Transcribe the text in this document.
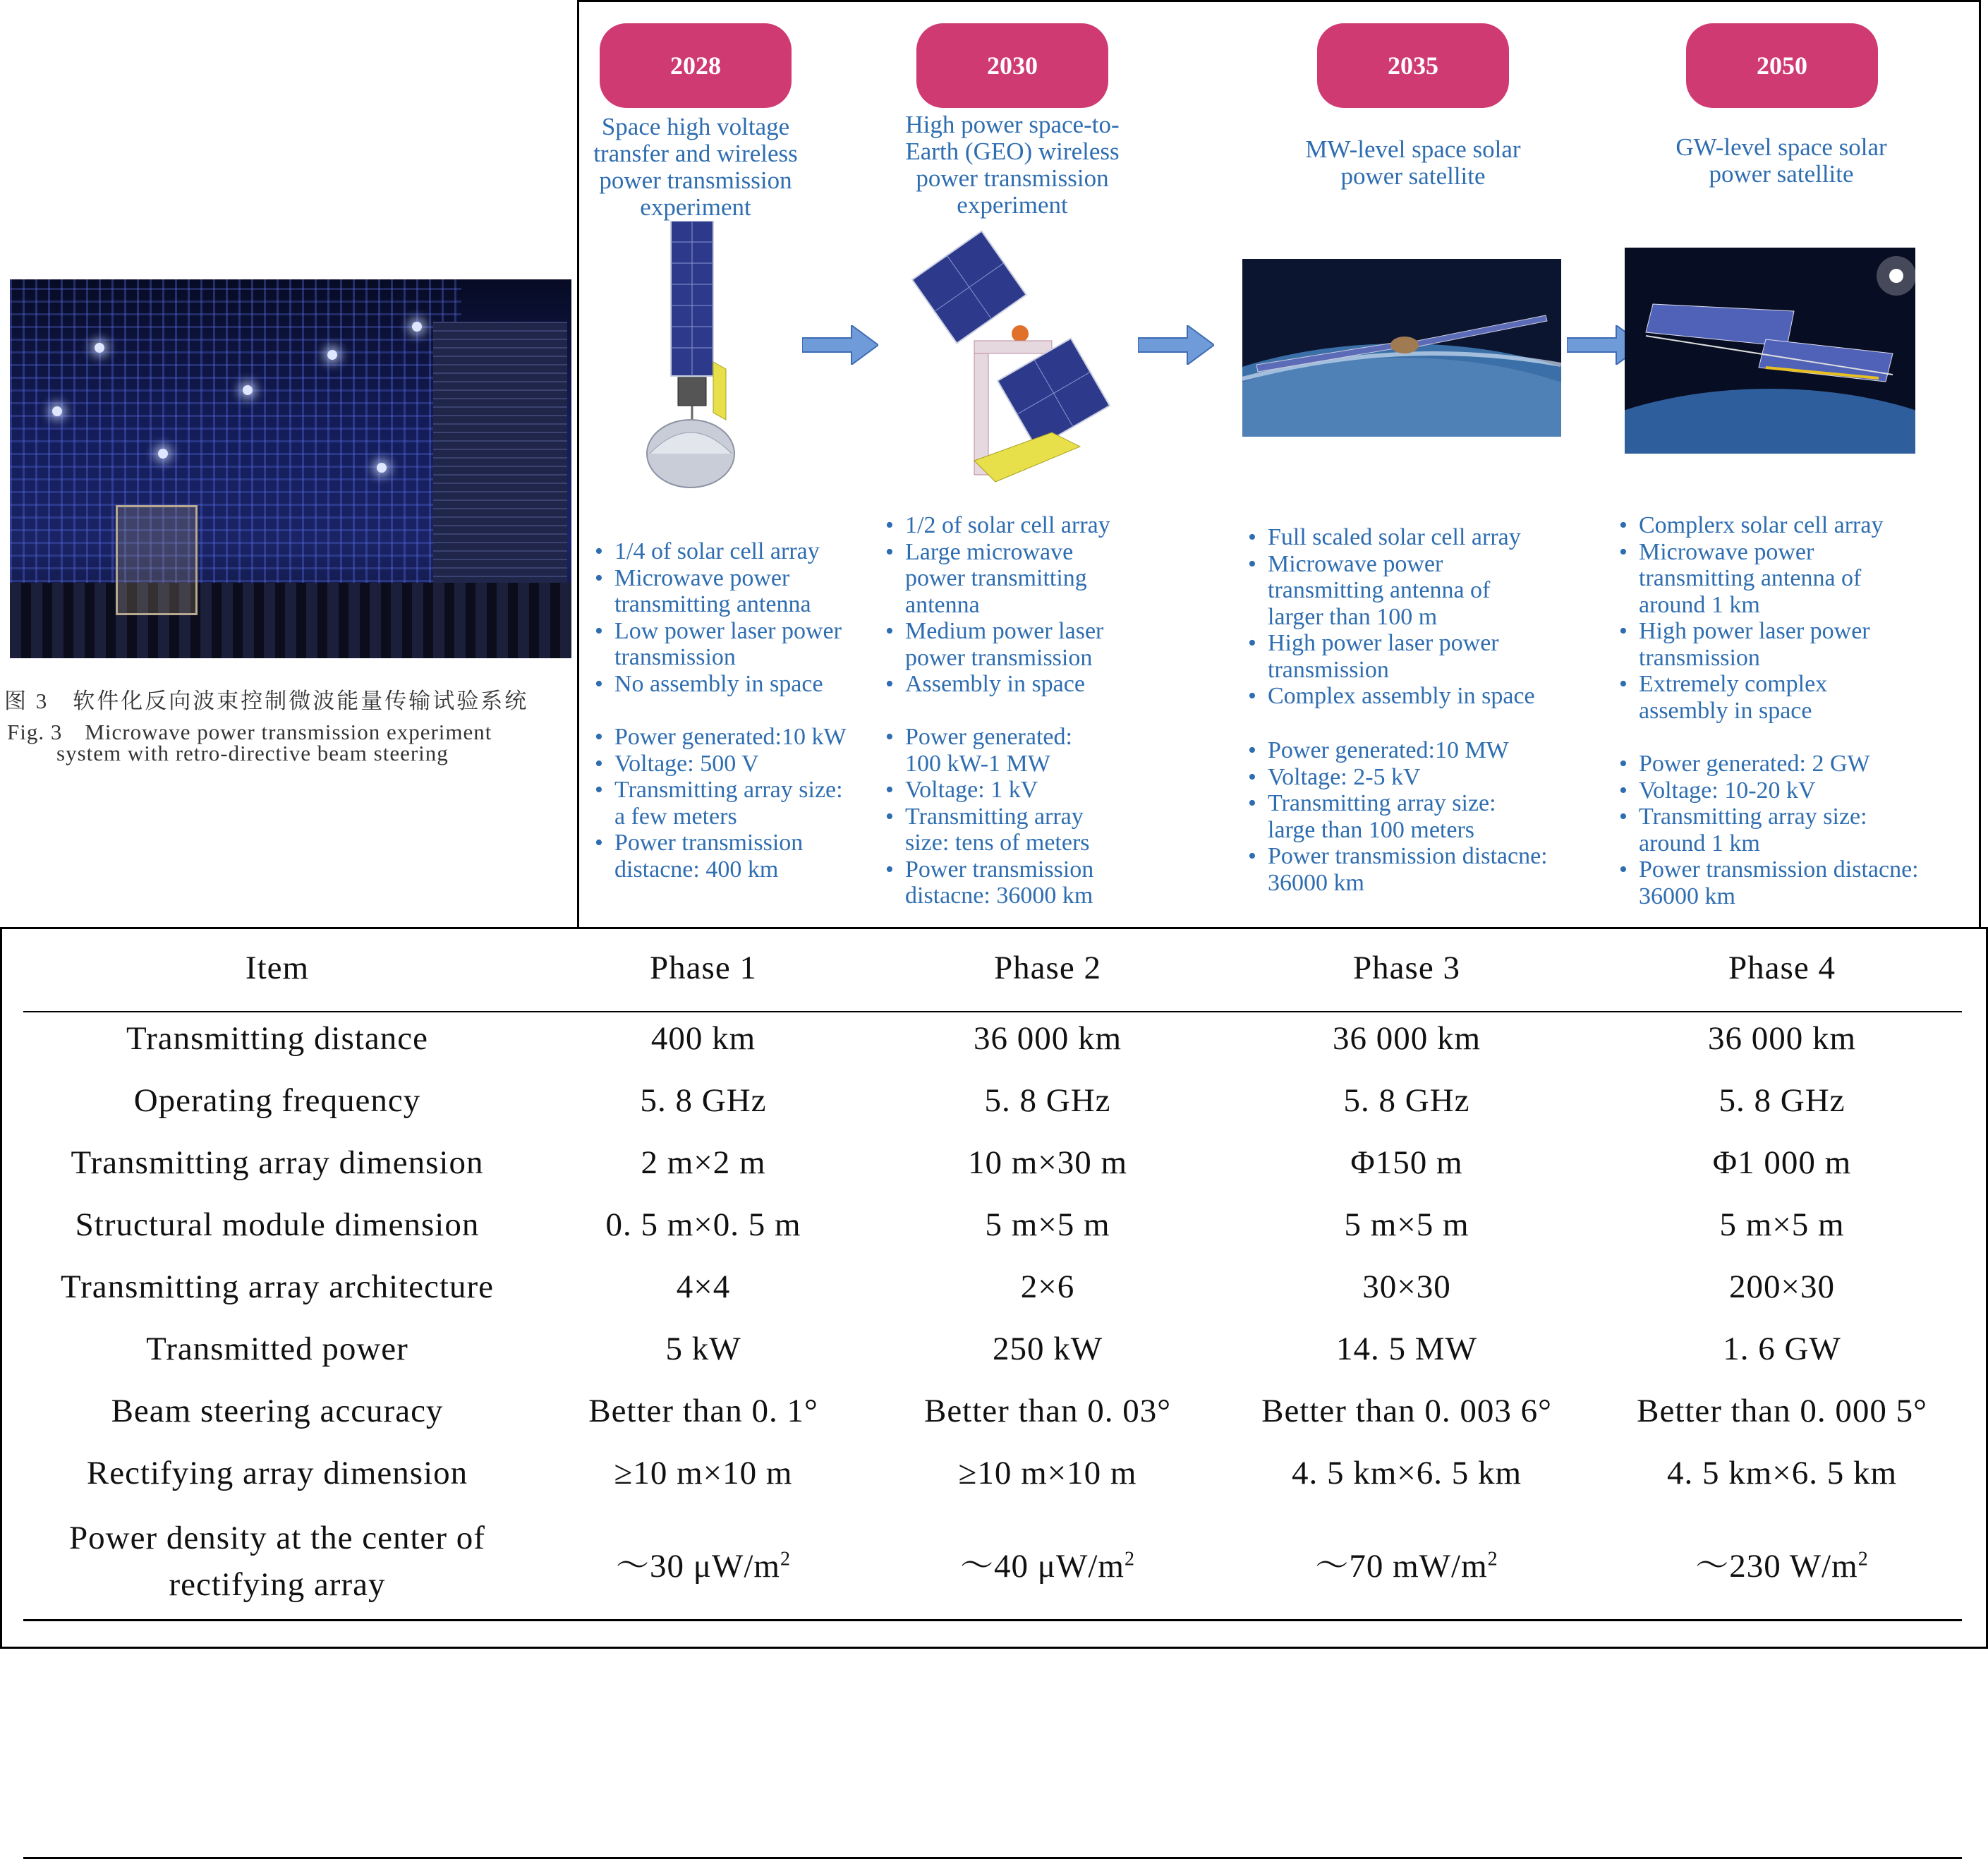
图 3　软件化反向波束控制微波能量传输试验系统
Fig. 3　Microwave power transmission experiment
system with retro-directive beam steering
2028	2030	2035	2050
Space high voltage
transfer and wireless
power transmission
experiment
High power space-to-
Earth (GEO) wireless
power transmission
experiment
MW-level space solar
power satellite
GW-level space solar
power satellite
• 1/4 of solar cell array
• Microwave power
transmitting antenna
• Low power laser power
transmission
• No assembly in space
• Power generated:10 kW
• Voltage: 500 V
• Transmitting array size:
a few meters
• Power transmission
distacne: 400 km
• 1/2 of solar cell array
• Large microwave
power transmitting
antenna
• Medium power laser
power transmission
• Assembly in space
• Power generated:
100 kW-1 MW
• Voltage: 1 kV
• Transmitting array
size: tens of meters
• Power transmission
distacne: 36000 km
• Full scaled solar cell array
• Microwave power
transmitting antenna of
larger than 100 m
• High power laser power
transmission
• Complex assembly in space
• Power generated:10 MW
• Voltage: 2-5 kV
• Transmitting array size:
large than 100 meters
• Power transmission distacne:
36000 km
• Complerx solar cell array
• Microwave power
transmitting antenna of
around 1 km
• High power laser power
transmission
• Extremely complex
assembly in space
• Power generated: 2 GW
• Voltage: 10-20 kV
• Transmitting array size:
around 1 km
• Power transmission distacne:
36000 km
Item	Phase 1	Phase 2	Phase 3	Phase 4
Transmitting distance	400 km	36 000 km	36 000 km	36 000 km
Operating frequency	5. 8 GHz	5. 8 GHz	5. 8 GHz	5. 8 GHz
Transmitting array dimension	2 m×2 m	10 m×30 m	Φ150 m	Φ1 000 m
Structural module dimension	0. 5 m×0. 5 m	5 m×5 m	5 m×5 m	5 m×5 m
Transmitting array architecture	4×4	2×6	30×30	200×30
Transmitted power	5 kW	250 kW	14. 5 MW	1. 6 GW
Beam steering accuracy	Better than 0. 1°	Better than 0. 03°	Better than 0. 003 6°	Better than 0. 000 5°
Rectifying array dimension	≥10 m×10 m	≥10 m×10 m	4. 5 km×6. 5 km	4. 5 km×6. 5 km
Power density at the center of
rectifying array	～30 $\mu W/m^2$	～40 $\mu W/m^2$	～70 $mW/m^2$	～230 $W/m^2$
